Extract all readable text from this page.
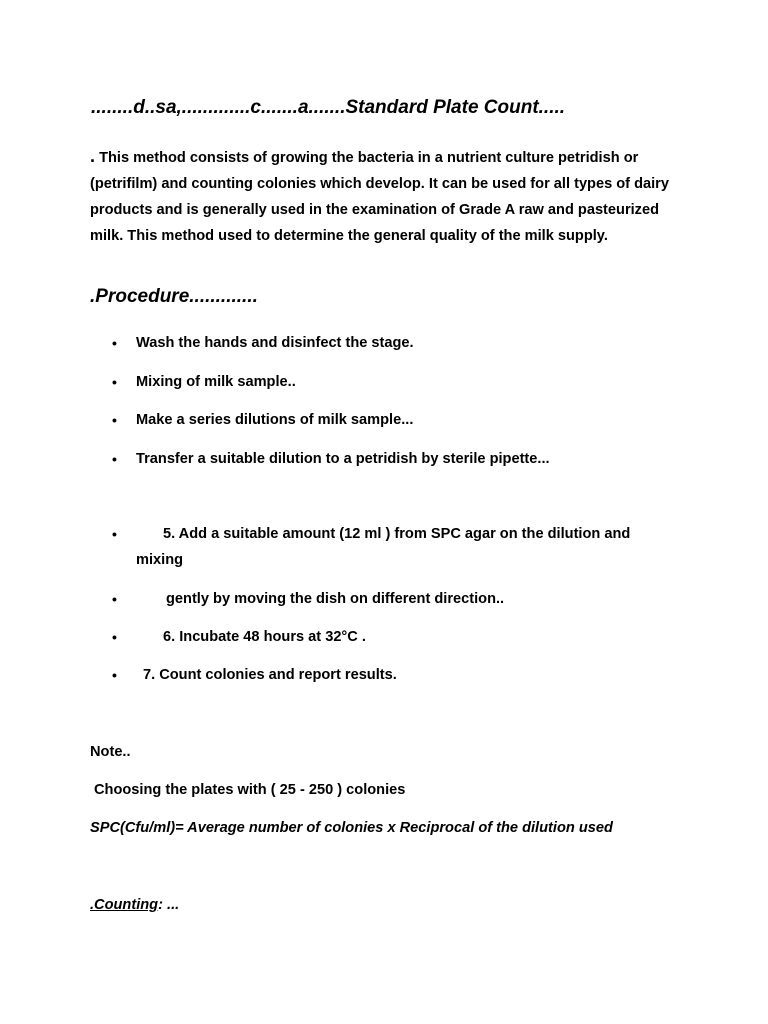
........d..sa,.............c.......a.......Standard Plate Count.....
. This method consists of growing the bacteria in a nutrient culture petridish or (petrifilm) and counting colonies which develop. It can be used for all types of dairy products and is generally used in the examination of Grade A raw and pasteurized milk. This method used to determine the general quality of the milk supply.
.Procedure.............
• Wash the hands and disinfect the stage.
• Mixing of milk sample..
• Make a series dilutions of milk sample...
• Transfer a suitable dilution to a petridish by sterile pipette...
•	5. Add a suitable amount (12 ml ) from SPC agar on the dilution and mixing
•	gently by moving the dish on different direction..
•	6. Incubate 48 hours at 32°C .
• 7. Count colonies and report results.
Note..
Choosing the plates with ( 25 - 250 ) colonies
SPC(Cfu/ml)= Average number of colonies x Reciprocal of the dilution used
.Counting: ...
